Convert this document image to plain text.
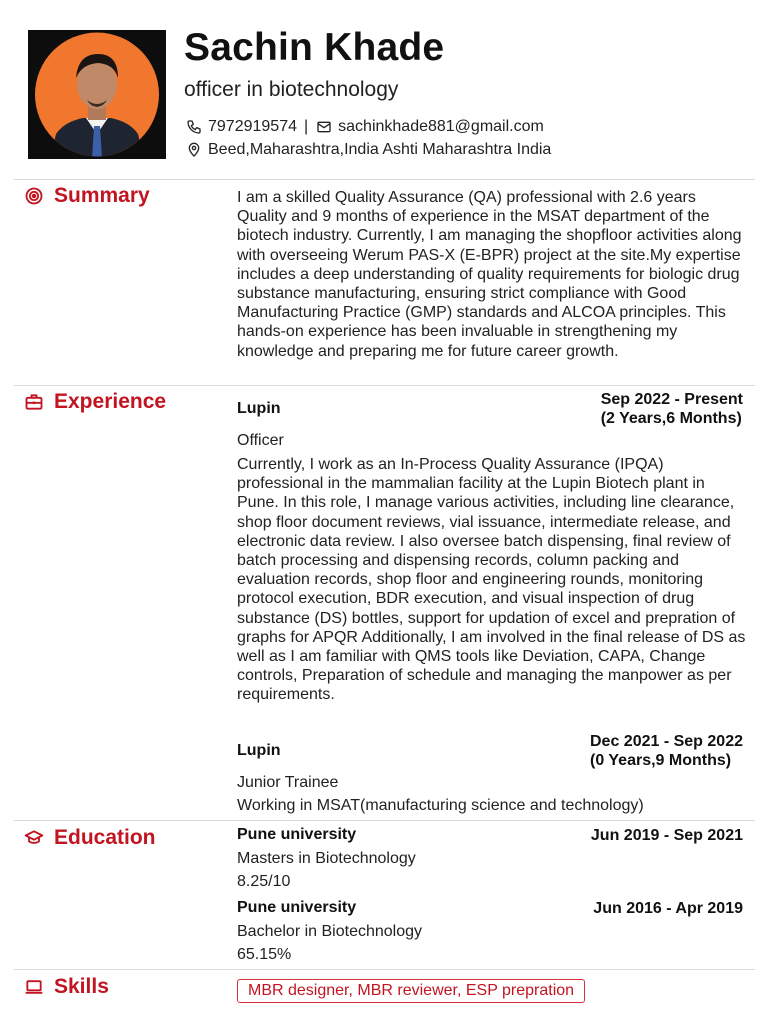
Sachin Khade
officer in biotechnology
7972919574 | sachinkhade881@gmail.com
Beed,Maharashtra,India Ashti Maharashtra India
Summary	I am a skilled Quality Assurance (QA) professional with 2.6 years Quality and 9 months of experience in the MSAT department of the biotech industry. Currently, I am managing the shopfloor activities along with overseeing Werum PAS-X (E-BPR) project at the site.My expertise includes a deep understanding of quality requirements for biologic drug substance manufacturing, ensuring strict compliance with Good Manufacturing Practice (GMP) standards and ALCOA principles. This hands-on experience has been invaluable in strengthening my knowledge and preparing me for future career growth.
Experience	Lupin
Sep 2022 - Present
(2 Years,6 Months)
Officer
Currently, I work as an In-Process Quality Assurance (IPQA) professional in the mammalian facility at the Lupin Biotech plant in Pune. In this role, I manage various activities, including line clearance, shop floor document reviews, vial issuance, intermediate release, and electronic data review. I also oversee batch dispensing, final review of batch processing and dispensing records, column packing and evaluation records, shop floor and engineering rounds, monitoring protocol execution, BDR execution, and visual inspection of drug substance (DS) bottles, support for updation of excel and prepration of graphs for APQR Additionally, I am involved in the final release of DS as well as I am familiar with QMS tools like Deviation, CAPA, Change controls, Preparation of schedule and managing the manpower as per requirements.
Lupin
Dec 2021 - Sep 2022
(0 Years,9 Months)
Junior Trainee
Working in MSAT(manufacturing science and technology)
Education	Pune university	Jun 2019 - Sep 2021
Masters in Biotechnology
8.25/10
Pune university	Jun 2016 - Apr 2019
Bachelor in Biotechnology
65.15%
Skills	MBR designer, MBR reviewer, ESP prepration
